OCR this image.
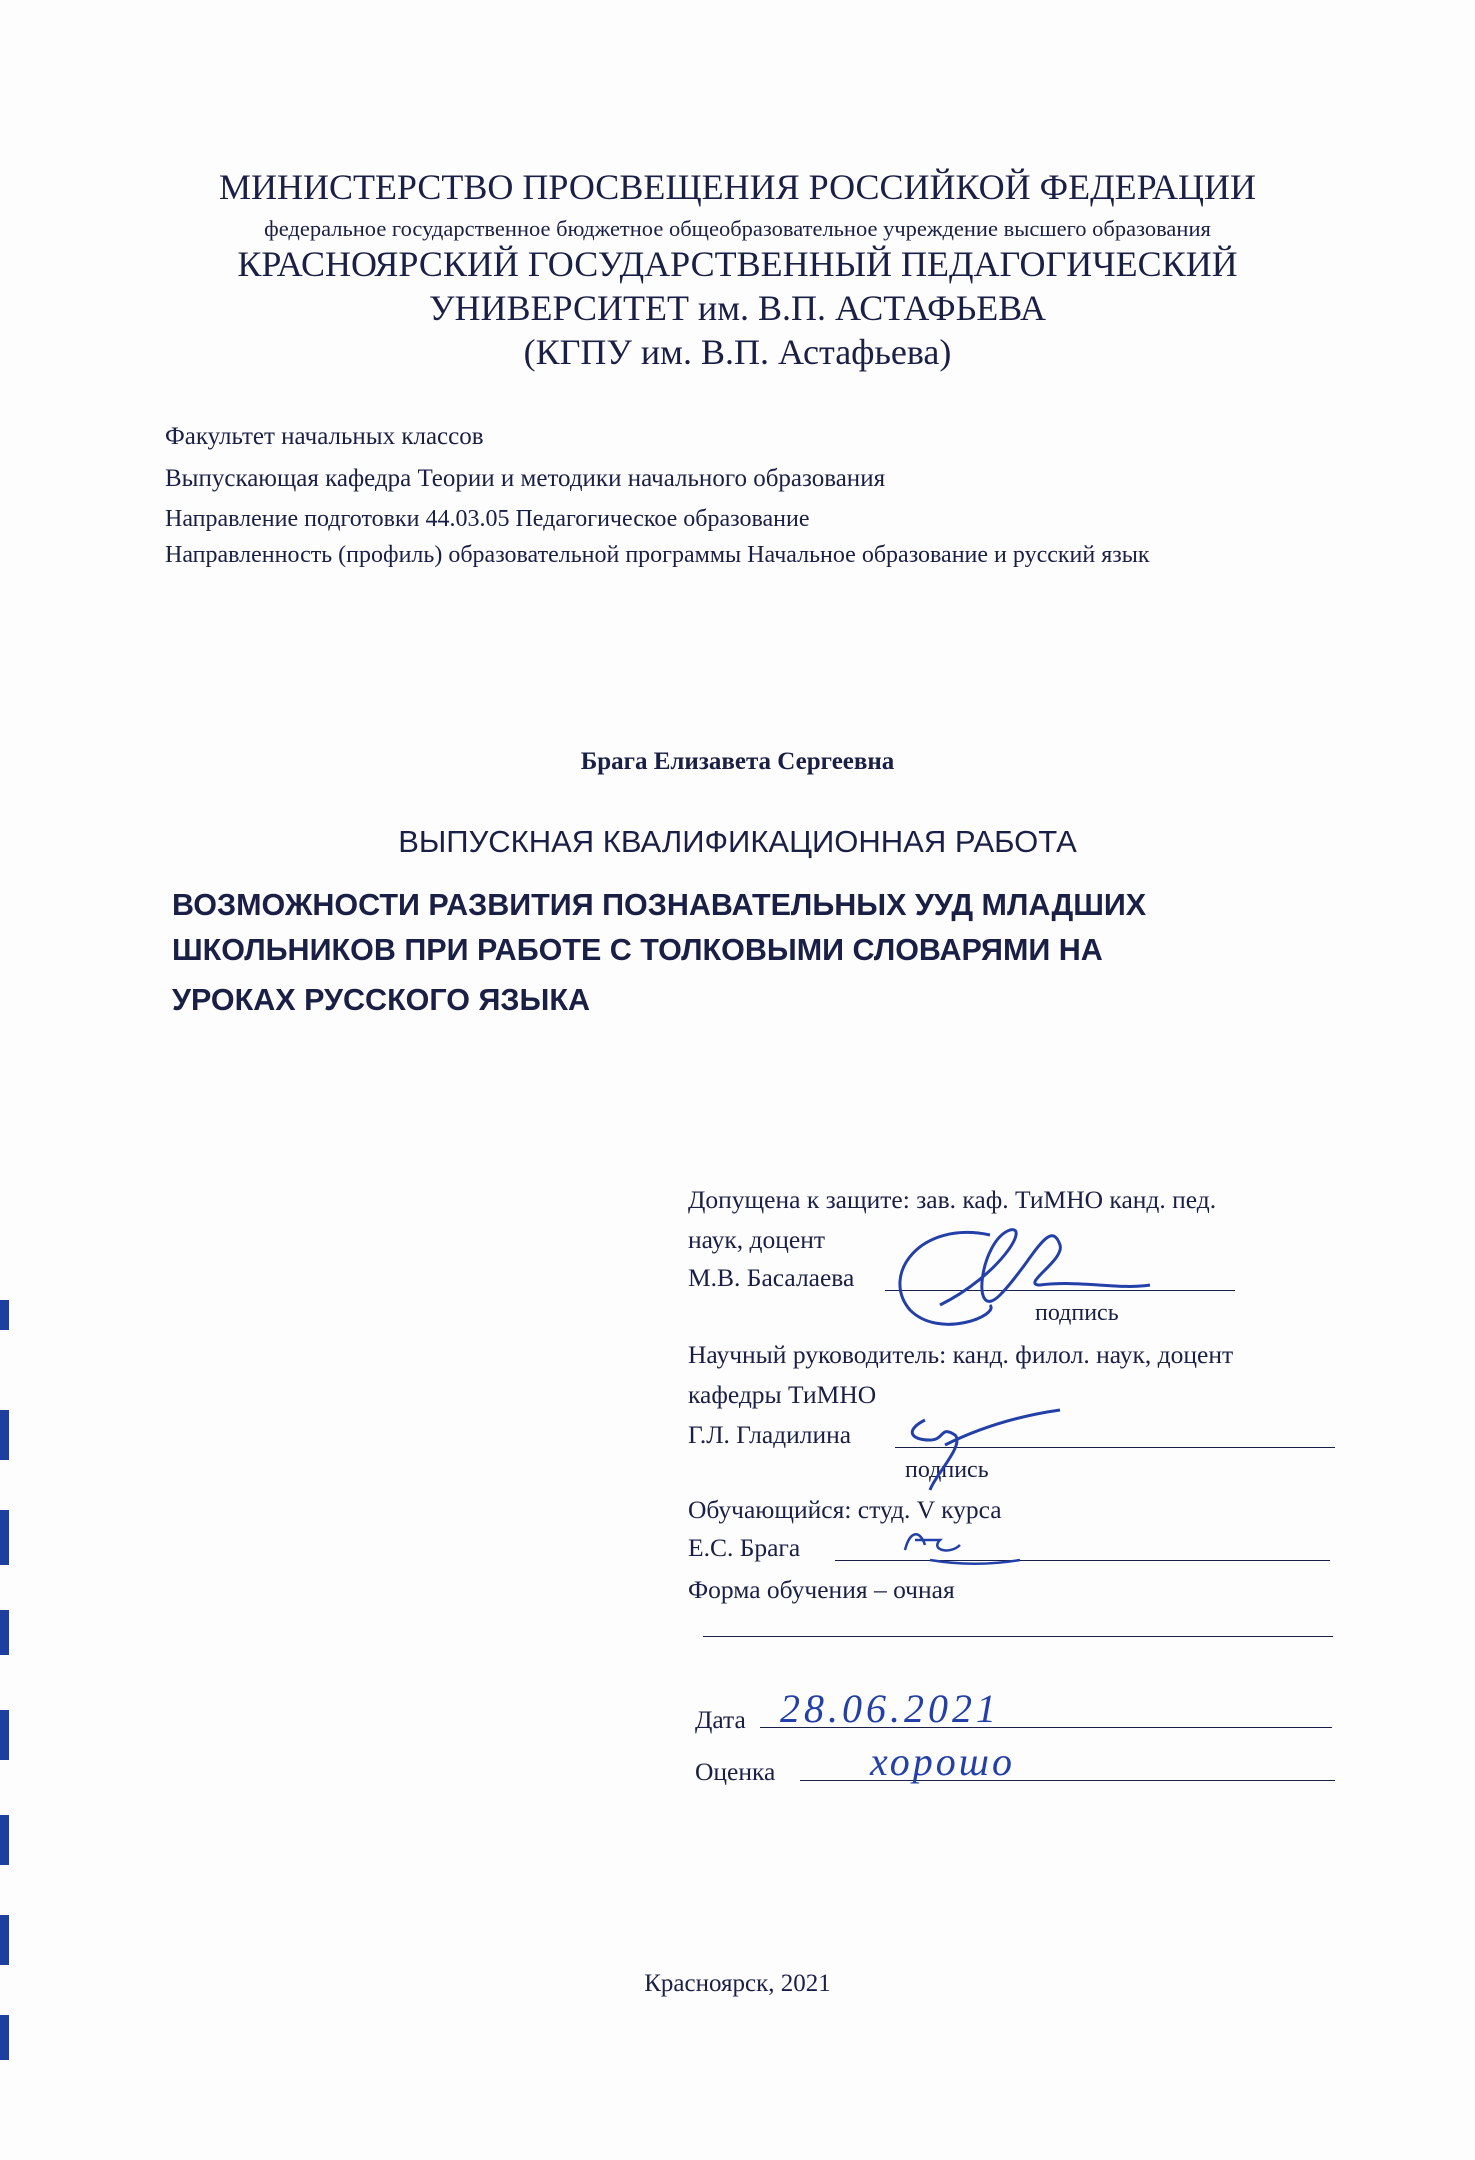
МИНИСТЕРСТВО ПРОСВЕЩЕНИЯ РОССИЙКОЙ ФЕДЕРАЦИИ
федеральное государственное бюджетное общеобразовательное учреждение высшего образования
КРАСНОЯРСКИЙ ГОСУДАРСТВЕННЫЙ ПЕДАГОГИЧЕСКИЙ
УНИВЕРСИТЕТ им. В.П. АСТАФЬЕВА
(КГПУ им. В.П. Астафьева)
Факультет начальных классов
Выпускающая кафедра Теории и методики начального образования
Направление подготовки 44.03.05 Педагогическое образование
Направленность (профиль) образовательной программы Начальное образование и русский язык
Брага Елизавета Сергеевна
ВЫПУСКНАЯ КВАЛИФИКАЦИОННАЯ РАБОТА
ВОЗМОЖНОСТИ РАЗВИТИЯ ПОЗНАВАТЕЛЬНЫХ УУД МЛАДШИХ
ШКОЛЬНИКОВ ПРИ РАБОТЕ С ТОЛКОВЫМИ СЛОВАРЯМИ НА
УРОКАХ РУССКОГО ЯЗЫКА
Допущена к защите: зав. каф. ТиМНО канд. пед.
наук, доцент
М.В. Басалаева
подпись
Научный руководитель: канд. филол. наук, доцент
кафедры ТиМНО
Г.Л. Гладилина
подпись
Обучающийся: студ. V курса
Е.С. Брага
Форма обучения – очная
Дата 28.06.2021
Оценка хорошо
Красноярск, 2021
